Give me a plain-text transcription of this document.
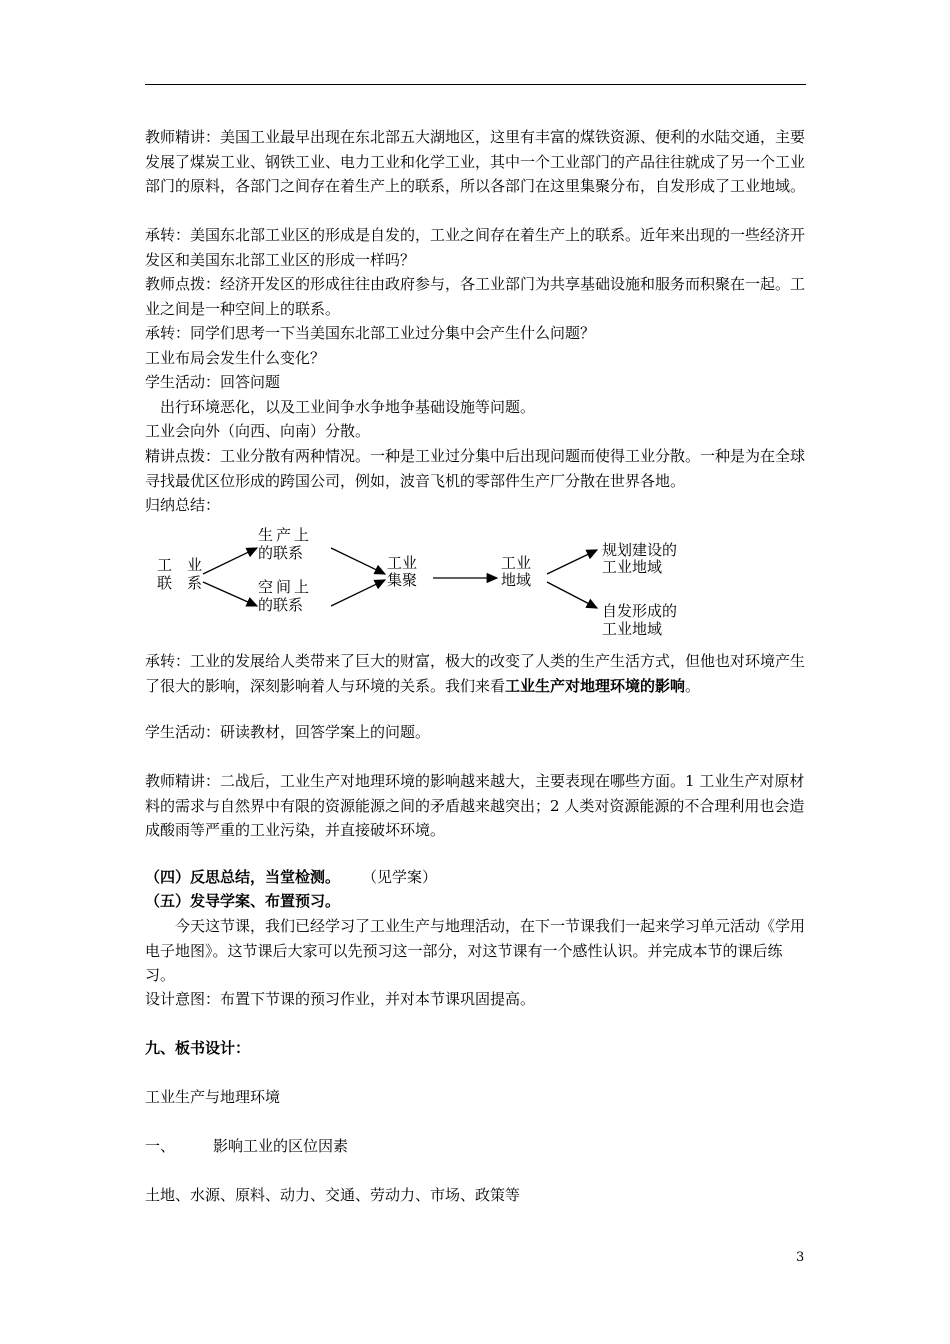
教师精讲：美国工业最早出现在东北部五大湖地区，这里有丰富的煤铁资源、便利的水陆交通，主要发展了煤炭工业、钢铁工业、电力工业和化学工业，其中一个工业部门的产品往往就成了另一个工业部门的原料，各部门之间存在着生产上的联系，所以各部门在这里集聚分布，自发形成了工业地域。

承转：美国东北部工业区的形成是自发的，工业之间存在着生产上的联系。近年来出现的一些经济开发区和美国东北部工业区的形成一样吗？

教师点拨：经济开发区的形成往往由政府参与，各工业部门为共享基础设施和服务而积聚在一起。工业之间是一种空间上的联系。

承转：同学们思考一下当美国东北部工业过分集中会产生什么问题？

工业布局会发生什么变化？

学生活动：回答问题

出行环境恶化，以及工业间争水争地争基础设施等问题。

工业会向外（向西、向南）分散。

精讲点拨：工业分散有两种情况。一种是工业过分集中后出现问题而使得工业分散。一种是为在全球寻找最优区位形成的跨国公司，例如，波音飞机的零部件生产厂分散在世界各地。

归纳总结：

工　业
联　系
生产上
的联系
空间上
的联系
工业
集聚
工业
地域
规划建设的
工业地域
自发形成的
工业地域

承转：工业的发展给人类带来了巨大的财富，极大的改变了人类的生产生活方式，但他也对环境产生了很大的影响，深刻影响着人与环境的关系。我们来看工业生产对地理环境的影响。

学生活动：研读教材，回答学案上的问题。

教师精讲：二战后，工业生产对地理环境的影响越来越大，主要表现在哪些方面。1 工业生产对原材料的需求与自然界中有限的资源能源之间的矛盾越来越突出；2 人类对资源能源的不合理利用也会造成酸雨等严重的工业污染，并直接破坏环境。

（四）反思总结，当堂检测。 （见学案）

（五）发导学案、布置预习。

今天这节课，我们已经学习了工业生产与地理活动，在下一节课我们一起来学习单元活动《学用电子地图》。这节课后大家可以先预习这一部分，对这节课有一个感性认识。并完成本节的课后练习。

设计意图：布置下节课的预习作业，并对本节课巩固提高。

九、板书设计：

工业生产与地理环境

一、	影响工业的区位因素

土地、水源、原料、动力、交通、劳动力、市场、政策等

3
